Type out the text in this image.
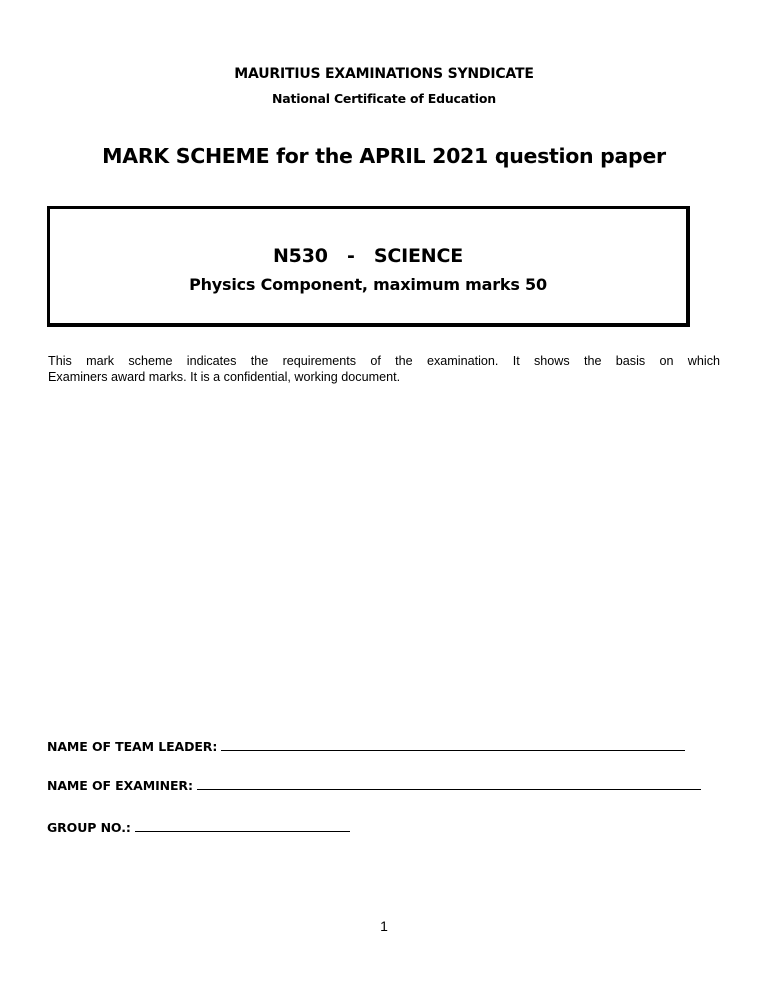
MAURITIUS EXAMINATIONS SYNDICATE
National Certificate of Education
MARK SCHEME for the APRIL 2021 question paper
N530   -   SCIENCE
Physics Component, maximum marks 50
This mark scheme indicates the requirements of the examination. It shows the basis on which
Examiners award marks. It is a confidential, working document.
NAME OF TEAM LEADER:
NAME OF EXAMINER:
GROUP NO.:
1
